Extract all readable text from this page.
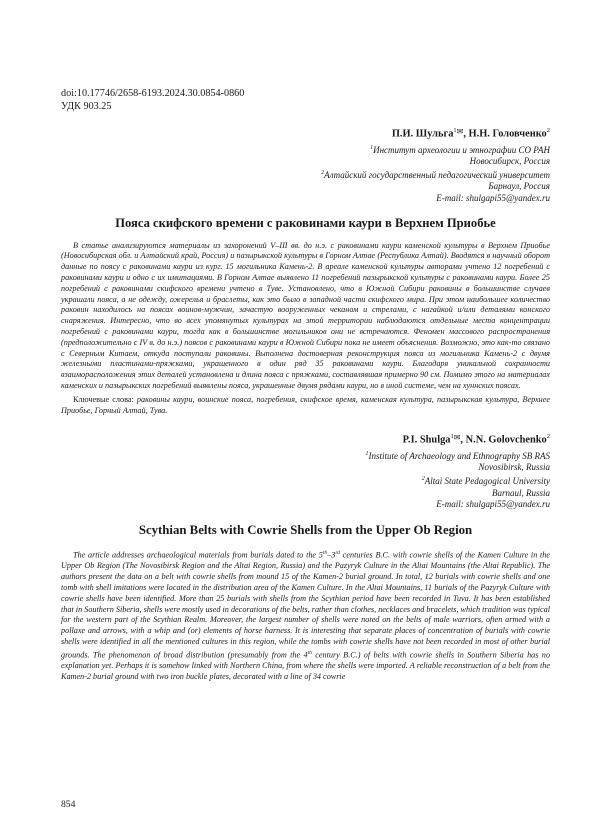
doi:10.17746/2658-6193.2024.30.0854-0860
УДК 903.25
П.И. Шульга$^1$✉, Н.Н. Головченко$^2$
$^1$Институт археологии и этнографии СО РАН
Новосибирск, Россия
$^2$Алтайский государственный педагогический университет
Барнаул, Россия
E-mail: shulgapi55@yandex.ru
Пояса скифского времени с раковинами каури в Верхнем Приобье
В статье анализируются материалы из захоронений V–III вв. до н.э. с раковинами каури каменской культуры в Верхнем Приобье (Новосибирская обл. и Алтайский край, Россия) и пазырыкской культуры в Горном Алтае (Республика Алтай). Вводятся в научный оборот данные по поясу с раковинами каури из кург. 15 могильника Камень-2. В ареале каменской культуры авторами учтено 12 погребений с раковинами каури и одно с их имитациями. В Горном Алтае выявлено 11 погребений пазырыкской культуры с раковинами каури. Более 25 погребений с раковинами скифского времени учтено в Туве. Установлено, что в Южной Сибири раковины в большинстве случаев украшали пояса, а не одежду, ожерелья и браслеты, как это было в западной части скифского мира. При этом наибольшее количество раковин находилось на поясах воинов-мужчин, зачастую вооруженных чеканом и стрелами, с нагайкой и/или деталями конского снаряжения. Интересно, что во всех упомянутых культурах на этой территории наблюдаются отдельные места концентрации погребений с раковинами каури, тогда как в большинстве могильников они не встречаются. Феномен массового распространения (предположительно с IV в. до н.э.) поясов с раковинами каури в Южной Сибири пока не имеет объяснения. Возможно, это как-то связано с Северным Китаем, откуда поступали раковины. Выполнена достоверная реконструкция пояса из могильника Камень-2 с двумя железными пластинами-пряжками, украшенного в один ряд 35 раковинами каури. Благодаря уникальной сохранности взаиморасположения этих деталей установлена и длина пояса с пряжками, составлявшая примерно 90 см. Помимо этого на материалах каменских и пазырыкских погребений выявлены пояса, украшенные двумя рядами каури, но в иной системе, чем на хуннских поясах.
Ключевые слова: раковины каури, воинские пояса, погребения, скифское время, каменская культура, пазырыкская культура, Верхнее Приобье, Горный Алтай, Тува.
P.I. Shulga$^1$✉, N.N. Golovchenko$^2$
$^1$Institute of Archaeology and Ethnography SB RAS
Novosibirsk, Russia
$^2$Altai State Pedagogical University
Barnaul, Russia
E-mail: shulgapi55@yandex.ru
Scythian Belts with Cowrie Shells from the Upper Ob Region
The article addresses archaeological materials from burials dated to the 5th–3rd centuries B.C. with cowrie shells of the Kamen Culture in the Upper Ob Region (The Novosibirsk Region and the Altai Region, Russia) and the Pazyryk Culture in the Altai Mountains (the Altai Republic). The authors present the data on a belt with cowrie shells from mound 15 of the Kamen-2 burial ground. In total, 12 burials with cowrie shells and one tomb with shell imitations were located in the distribution area of the Kamen Culture. In the Altai Mountains, 11 burials of the Pazyryk Culture with cowrie shells have been identified. More than 25 burials with shells from the Scythian period have been recorded in Tuva. It has been established that in Southern Siberia, shells were mostly used in decorations of the belts, rather than clothes, necklaces and bracelets, which tradition was typical for the western part of the Scythian Realm. Moreover, the largest number of shells were noted on the belts of male warriors, often armed with a pollaxe and arrows, with a whip and (or) elements of horse harness. It is interesting that separate places of concentration of burials with cowrie shells were identified in all the mentioned cultures in this region, while the tombs with cowrie shells have not been recorded in most of other burial grounds. The phenomenon of broad distribution (presumably from the 4th century B.C.) of belts with cowrie shells in Southern Siberia has no explanation yet. Perhaps it is somehow linked with Northern China, from where the shells were imported. A reliable reconstruction of a belt from the Kamen-2 burial ground with two iron buckle plates, decorated with a line of 34 cowrie
854
